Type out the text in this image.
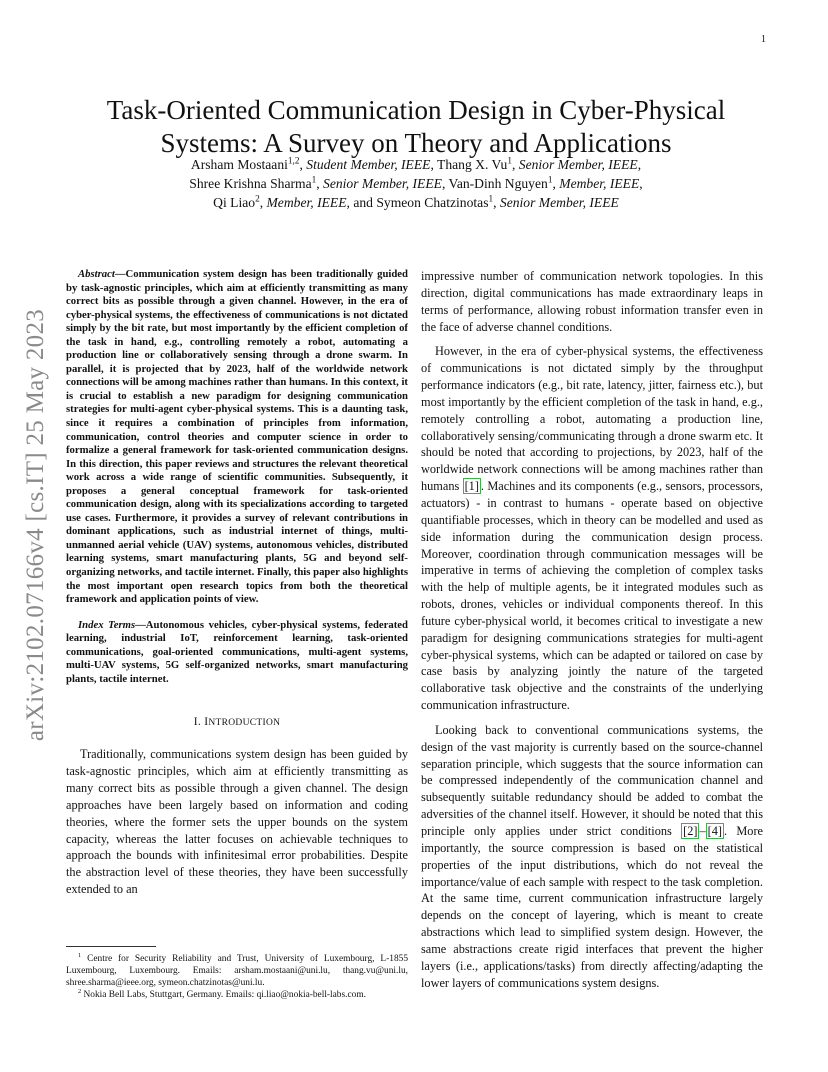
1
arXiv:2102.07166v4 [cs.IT] 25 May 2023
Task-Oriented Communication Design in Cyber-Physical
Systems: A Survey on Theory and Applications
Arsham Mostaani$^{1,2}$, Student Member, IEEE, Thang X. Vu$^1$, Senior Member, IEEE,
Shree Krishna Sharma$^1$, Senior Member, IEEE, Van-Dinh Nguyen$^1$, Member, IEEE,
Qi Liao$^2$, Member, IEEE, and Symeon Chatzinotas$^1$, Senior Member, IEEE

Abstract—Communication system design has been traditionally guided by task-agnostic principles, which aim at efficiently transmitting as many correct bits as possible through a given channel. However, in the era of cyber-physical systems, the effectiveness of communications is not dictated simply by the bit rate, but most importantly by the efficient completion of the task in hand, e.g., controlling remotely a robot, automating a production line or collaboratively sensing through a drone swarm. In parallel, it is projected that by 2023, half of the worldwide network connections will be among machines rather than humans. In this context, it is crucial to establish a new paradigm for designing communication strategies for multi-agent cyber-physical systems. This is a daunting task, since it requires a combination of principles from information, communication, control theories and computer science in order to formalize a general framework for task-oriented communication designs. In this direction, this paper reviews and structures the relevant theoretical work across a wide range of scientific communities. Subsequently, it proposes a general conceptual framework for task-oriented communication design, along with its specializations according to targeted use cases. Furthermore, it provides a survey of relevant contributions in dominant applications, such as industrial internet of things, multi-unmanned aerial vehicle (UAV) systems, autonomous vehicles, distributed learning systems, smart manufacturing plants, 5G and beyond self-organizing networks, and tactile internet. Finally, this paper also highlights the most important open research topics from both the theoretical framework and application points of view.

Index Terms—Autonomous vehicles, cyber-physical systems, federated learning, industrial IoT, reinforcement learning, task-oriented communications, goal-oriented communications, multi-agent systems, multi-UAV systems, 5G self-organized networks, smart manufacturing plants, tactile internet.

I. INTRODUCTION

Traditionally, communications system design has been guided by task-agnostic principles, which aim at efficiently transmitting as many correct bits as possible through a given channel. The design approaches have been largely based on information and coding theories, where the former sets the upper bounds on the system capacity, whereas the latter focuses on achievable techniques to approach the bounds with infinitesimal error probabilities. Despite the abstraction level of these theories, they have been successfully extended to an

$^1$ Centre for Security Reliability and Trust, University of Luxembourg, L-1855 Luxembourg, Luxembourg. Emails: arsham.mostaani@uni.lu, thang.vu@uni.lu, shree.sharma@ieee.org, symeon.chatzinotas@uni.lu.

$^2$ Nokia Bell Labs, Stuttgart, Germany. Emails: qi.liao@nokia-bell-labs.com.

impressive number of communication network topologies. In this direction, digital communications has made extraordinary leaps in terms of performance, allowing robust information transfer even in the face of adverse channel conditions.

However, in the era of cyber-physical systems, the effectiveness of communications is not dictated simply by the throughput performance indicators (e.g., bit rate, latency, jitter, fairness etc.), but most importantly by the efficient completion of the task in hand, e.g., remotely controlling a robot, automating a production line, collaboratively sensing/communicating through a drone swarm etc. It should be noted that according to projections, by 2023, half of the worldwide network connections will be among machines rather than humans [1] . Machines and its components (e.g., sensors, processors, actuators) - in contrast to humans - operate based on objective quantifiable processes, which in theory can be modelled and used as side information during the communication design process. Moreover, coordination through communication messages will be imperative in terms of achieving the completion of complex tasks with the help of multiple agents, be it integrated modules such as robots, drones, vehicles or individual components thereof. In this future cyber-physical world, it becomes critical to investigate a new paradigm for designing communications strategies for multi-agent cyber-physical systems, which can be adapted or tailored on case by case basis by analyzing jointly the nature of the targeted collaborative task objective and the constraints of the underlying communication infrastructure.

Looking back to conventional communications systems, the design of the vast majority is currently based on the source-channel separation principle, which suggests that the source information can be compressed independently of the communication channel and subsequently suitable redundancy should be added to combat the adversities of the channel itself. However, it should be noted that this principle only applies under strict conditions [2] – [4] . More importantly, the source compression is based on the statistical properties of the input distributions, which do not reveal the importance/value of each sample with respect to the task completion. At the same time, current communication infrastructure largely depends on the concept of layering, which is meant to create abstractions which lead to simplified system design. However, the same abstractions create rigid interfaces that prevent the higher layers (i.e., applications/tasks) from directly affecting/adapting the lower layers of communications system designs.
